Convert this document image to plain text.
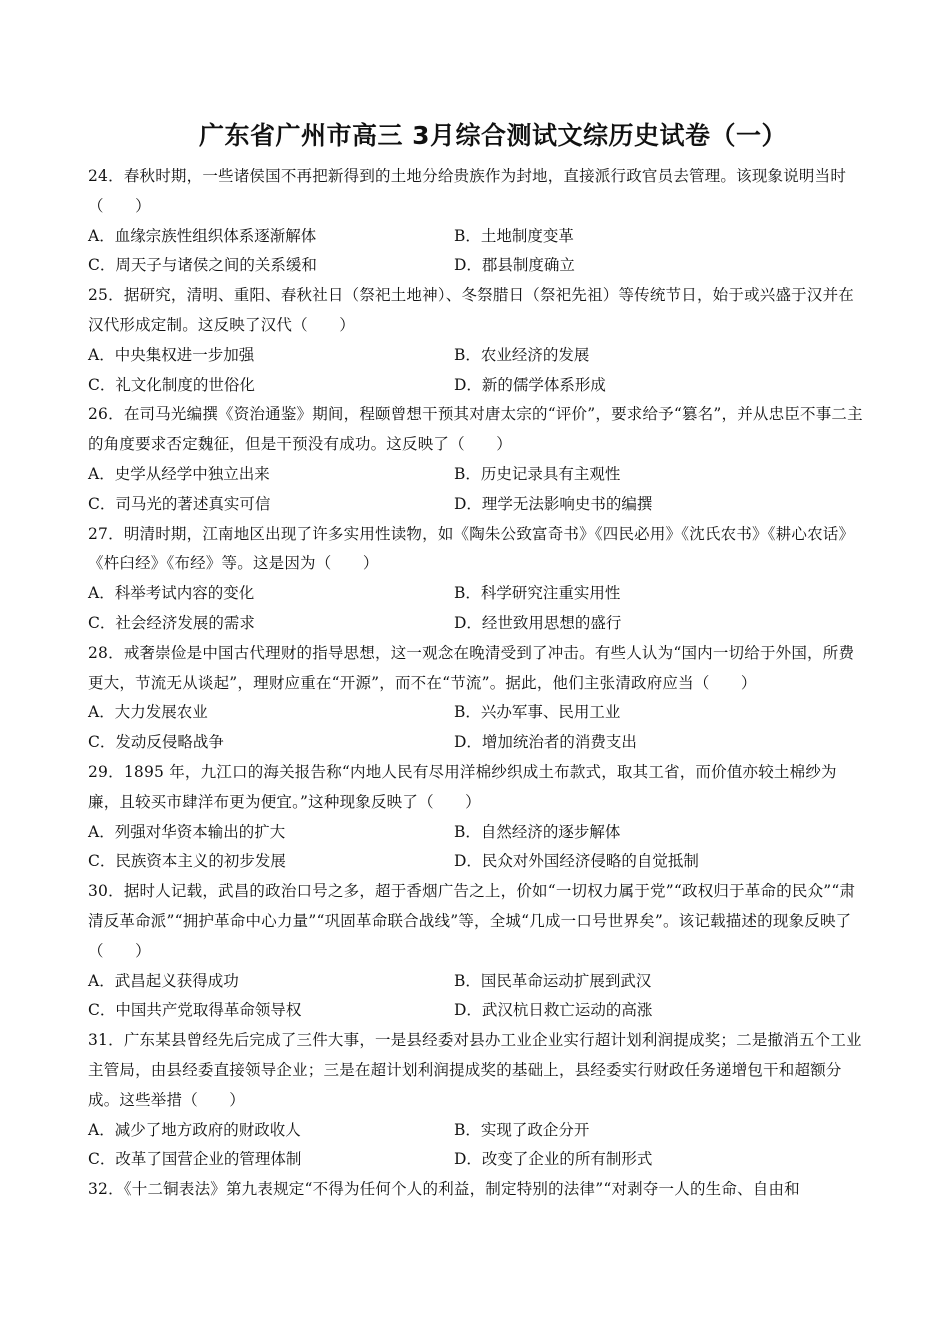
广东省广州市高三 3月综合测试文综历史试卷（一）

24．春秋时期，一些诸侯国不再把新得到的土地分给贵族作为封地，直接派行政官员去管理。该现象说明当时（　　）

A．血缘宗族性组织体系逐渐解体	B．土地制度变革
C．周天子与诸侯之间的关系缓和	D．郡县制度确立

25．据研究，清明、重阳、春秋社日（祭祀土地神）、冬祭腊日（祭祀先祖）等传统节日，始于或兴盛于汉并在汉代形成定制。这反映了汉代（　　）

A．中央集权进一步加强	B．农业经济的发展
C．礼文化制度的世俗化	D．新的儒学体系形成

26．在司马光编撰《资治通鉴》期间，程颐曾想干预其对唐太宗的“评价”，要求给予“篡名”，并从忠臣不事二主的角度要求否定魏征，但是干预没有成功。这反映了（　　）

A．史学从经学中独立出来	B．历史记录具有主观性
C．司马光的著述真实可信	D．理学无法影响史书的编撰

27．明清时期，江南地区出现了许多实用性读物，如《陶朱公致富奇书》《四民必用》《沈氏农书》《耕心农话》《杵臼经》《布经》等。这是因为（　　）

A．科举考试内容的变化	B．科学研究注重实用性
C．社会经济发展的需求	D．经世致用思想的盛行

28．戒奢崇俭是中国古代理财的指导思想，这一观念在晚清受到了冲击。有些人认为“国内一切给于外国，所费更大，节流无从谈起”，理财应重在“开源”，而不在“节流”。据此，他们主张清政府应当（　　）

A．大力发展农业	B．兴办军事、民用工业
C．发动反侵略战争	D．增加统治者的消费支出

29．1895 年，九江口的海关报告称“内地人民有尽用洋棉纱织成土布款式，取其工省，而价值亦较土棉纱为廉，且较买市肆洋布更为便宜。”这种现象反映了（　　）

A．列强对华资本输出的扩大	B．自然经济的逐步解体
C．民族资本主义的初步发展	D．民众对外国经济侵略的自觉抵制

30．据时人记载，武昌的政治口号之多，超于香烟广告之上，价如“一切权力属于党”“政权归于革命的民众”“肃清反革命派”“拥护革命中心力量”“巩固革命联合战线”等，全城“几成一口号世界矣”。该记载描述的现象反映了（　　）

A．武昌起义获得成功	B．国民革命运动扩展到武汉
C．中国共产党取得革命领导权	D．武汉杭日救亡运动的高涨

31．广东某县曾经先后完成了三件大事，一是县经委对县办工业企业实行超计划利润提成奖；二是撤消五个工业主管局，由县经委直接领导企业；三是在超计划利润提成奖的基础上，县经委实行财政任务递增包干和超额分成。这些举措（　　）

A．减少了地方政府的财政收人	B．实现了政企分开
C．改革了国营企业的管理体制	D．改变了企业的所有制形式

32．《十二铜表法》第九表规定“不得为任何个人的利益，制定特别的法律”“对剥夺一人的生命、自由和
